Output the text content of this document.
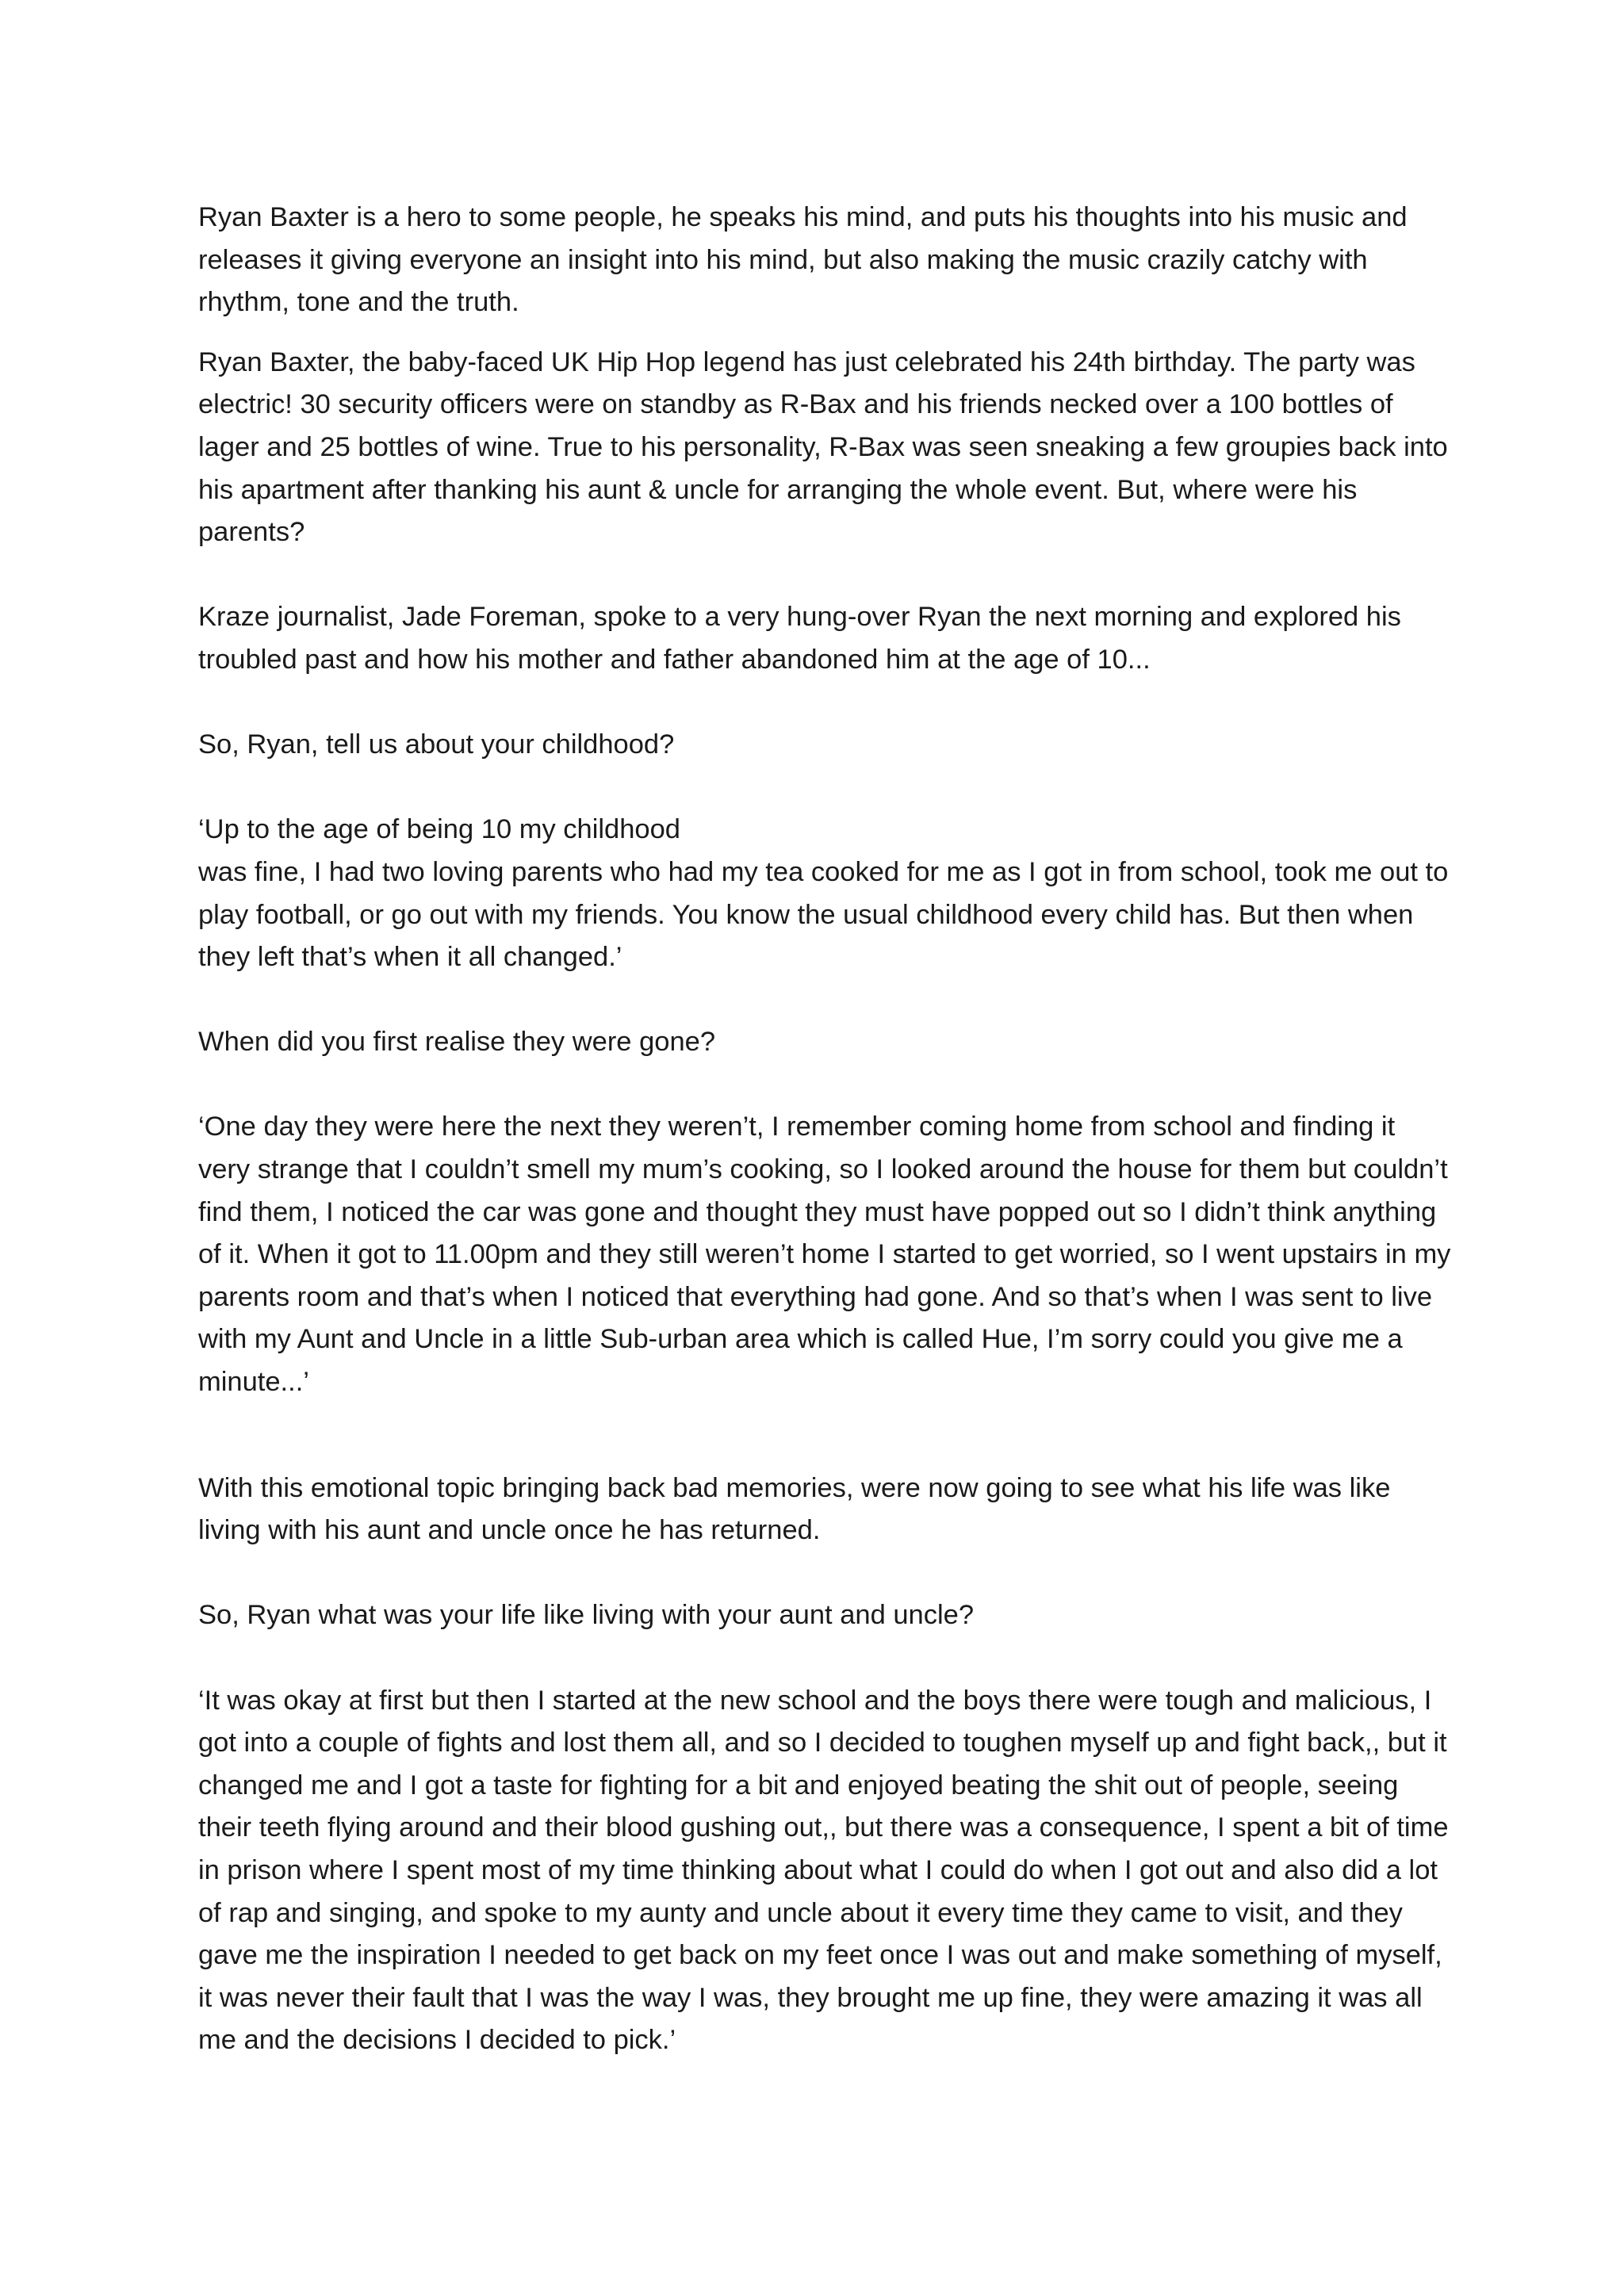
Ryan Baxter is a hero to some people, he speaks his mind, and puts his thoughts into his music and releases it giving everyone an insight into his mind, but also making the music crazily catchy with rhythm, tone and the truth.

Ryan Baxter, the baby-faced UK Hip Hop legend has just celebrated his 24th birthday. The party was electric! 30 security officers were on standby as R-Bax and his friends necked over a 100 bottles of lager and 25 bottles of wine. True to his personality, R-Bax was seen sneaking a few groupies back into his apartment after thanking his aunt & uncle for arranging the whole event. But, where were his parents?

Kraze journalist, Jade Foreman, spoke to a very hung-over Ryan the next morning and explored his troubled past and how his mother and father abandoned him at the age of 10...

So, Ryan, tell us about your childhood?

‘Up to the age of being 10 my childhood

was fine, I had two loving parents who had my tea cooked for me as I got in from school, took me out to play football, or go out with my friends. You know the usual childhood every child has. But then when they left that’s when it all changed.’

When did you first realise they were gone?

‘One day they were here the next they weren’t, I remember coming home from school and finding it very strange that I couldn’t smell my mum’s cooking, so I looked around the house for them but couldn’t find them, I noticed the car was gone and thought they must have popped out so I didn’t think anything of it. When it got to 11.00pm and they still weren’t home I started to get worried, so I went upstairs in my parents room and that’s when I noticed that everything had gone. And so that’s when I was sent to live with my Aunt and Uncle in a little Sub-urban area which is called Hue, I’m sorry could you give me a minute...’

With this emotional topic bringing back bad memories, were now going to see what his life was like living with his aunt and uncle once he has returned.

So, Ryan what was your life like living with your aunt and uncle?

‘It was okay at first but then I started at the new school and the boys there were tough and malicious, I got into a couple of fights and lost them all, and so I decided to toughen myself up and fight back,, but it changed me and I got a taste for fighting for a bit and enjoyed beating the shit out of people, seeing their teeth flying around and their blood gushing out,, but there was a consequence, I spent a bit of time in prison where I spent most of my time thinking about what I could do when I got out and also did a lot of rap and singing, and spoke to my aunty and uncle about it every time they came to visit, and they gave me the inspiration I needed to get back on my feet once I was out and make something of myself, it was never their fault that I was the way I was, they brought me up fine, they were amazing it was all me and the decisions I decided to pick.’
